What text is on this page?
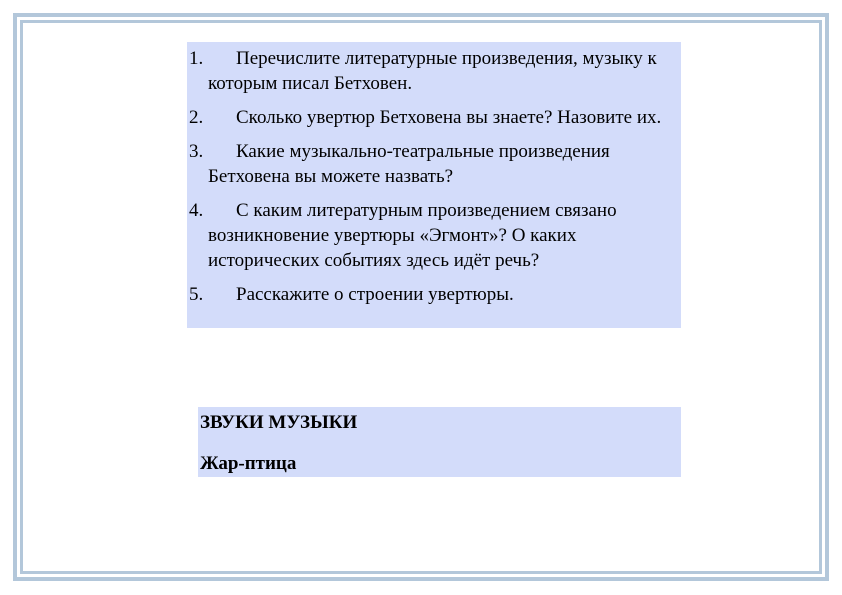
1.	Перечислите литературные произведения, музыку к которым писал Бетховен.
2.	Сколько увертюр Бетховена вы знаете? Назовите их.
3.	Какие музыкально-театральные произведения Бетховена вы можете назвать?
4.	С каким литературным произведением связано возникновение увертюры «Эгмонт»? О каких исторических событиях здесь идёт речь?
5.	Расскажите о строении увертюры.
ЗВУКИ МУЗЫКИ
Жар-птица
